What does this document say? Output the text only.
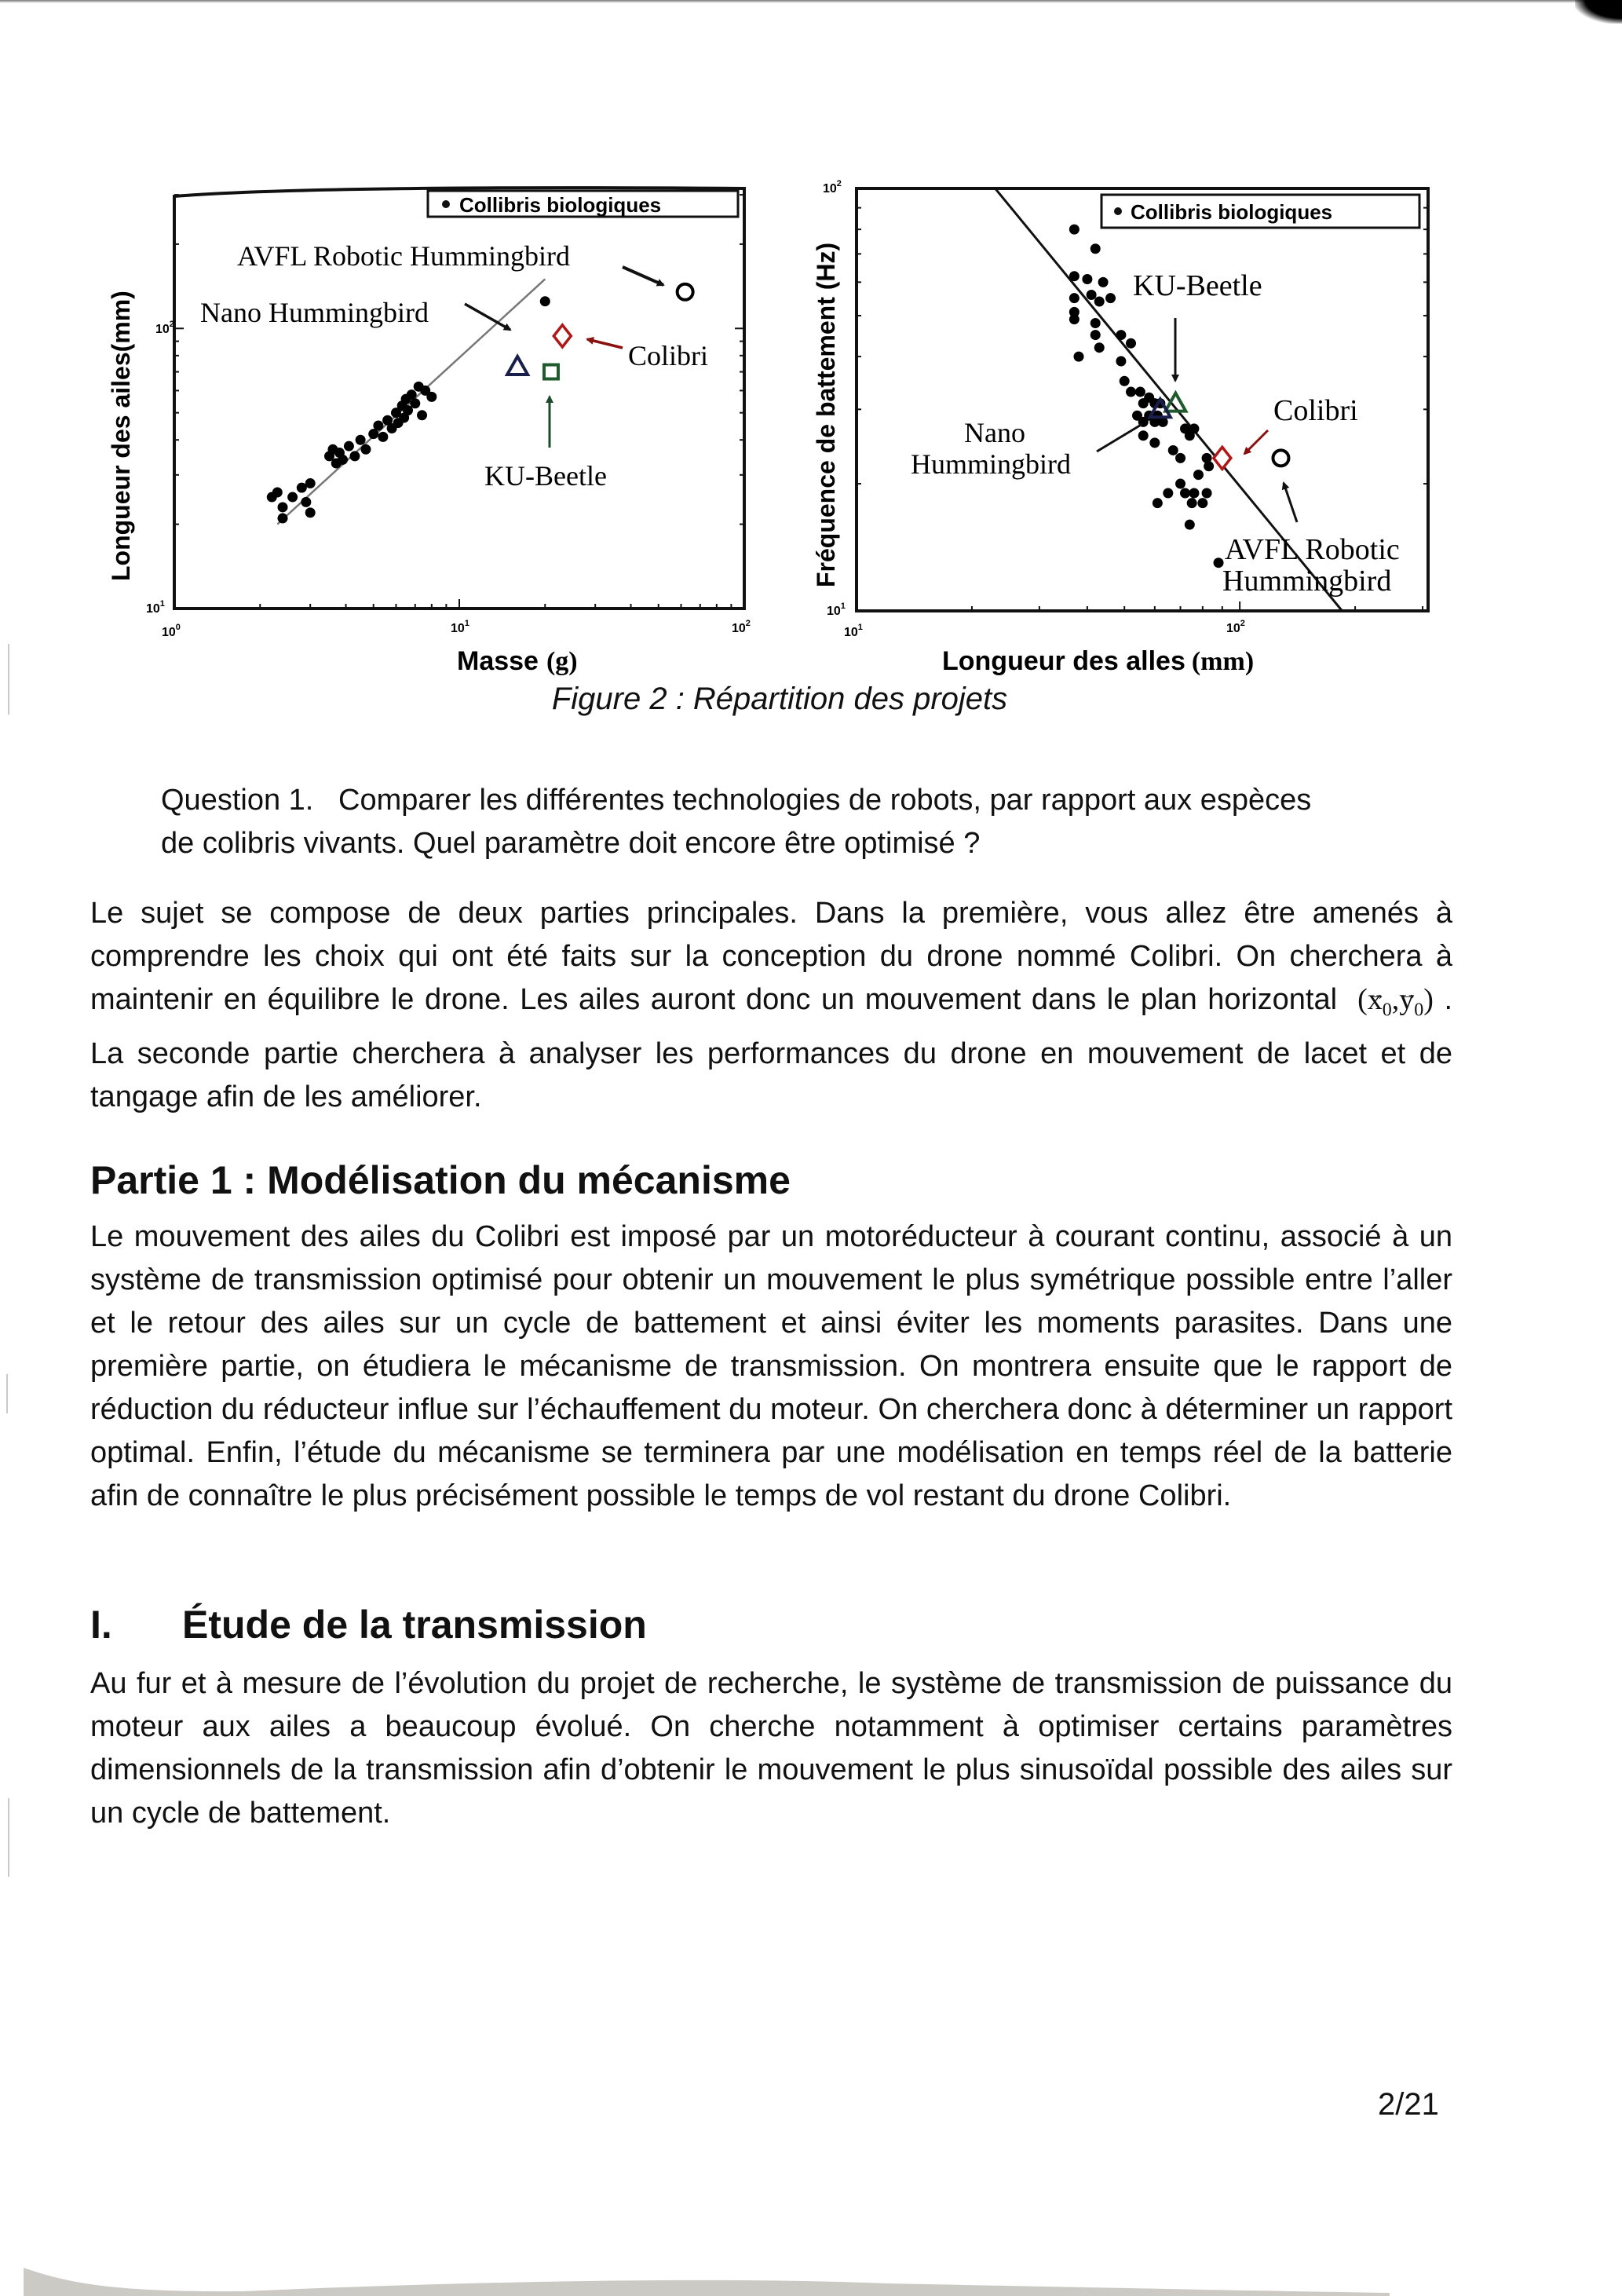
Collibris biologiques
AVFL Robotic Hummingbird
Nano Hummingbird
Colibri
KU-Beetle
$10^2$
$10^1$
$10^0$	$10^1$	$10^2$
Longueur des ailes(mm)
Masse (g)
Collibris biologiques
KU-Beetle
Colibri
Nano
Hummingbird
AVFL Robotic
Hummingbird
$10^2$
$10^1$
$10^1$	$10^2$
Fréquence de battement (Hz)
Longueur des alles (mm)
Figure 2 : Répartition des projets
Question 1. Comparer les différentes technologies de robots, par rapport aux espèces
de colibris vivants. Quel paramètre doit encore être optimisé ?
Le sujet se compose de deux parties principales. Dans la première, vous allez être amenés à comprendre les choix qui ont été faits sur la conception du drone nommé Colibri. On cherchera à maintenir en équilibre le drone. Les ailes auront donc un mouvement dans le plan horizontal (→ $x_0,\to y_0$) . La seconde partie cherchera à analyser les performances du drone en mouvement de lacet et de tangage afin de les améliorer.
Partie 1 : Modélisation du mécanisme
Le mouvement des ailes du Colibri est imposé par un motoréducteur à courant continu, associé à un système de transmission optimisé pour obtenir un mouvement le plus symétrique possible entre l’aller et le retour des ailes sur un cycle de battement et ainsi éviter les moments parasites. Dans une première partie, on étudiera le mécanisme de transmission. On montrera ensuite que le rapport de réduction du réducteur influe sur l’échauffement du moteur. On cherchera donc à déterminer un rapport optimal. Enfin, l’étude du mécanisme se terminera par une modélisation en temps réel de la batterie afin de connaître le plus précisément possible le temps de vol restant du drone Colibri.
I. Étude de la transmission
Au fur et à mesure de l’évolution du projet de recherche, le système de transmission de puissance du moteur aux ailes a beaucoup évolué. On cherche notamment à optimiser certains paramètres dimensionnels de la transmission afin d’obtenir le mouvement le plus sinusoïdal possible des ailes sur un cycle de battement.
2/21
